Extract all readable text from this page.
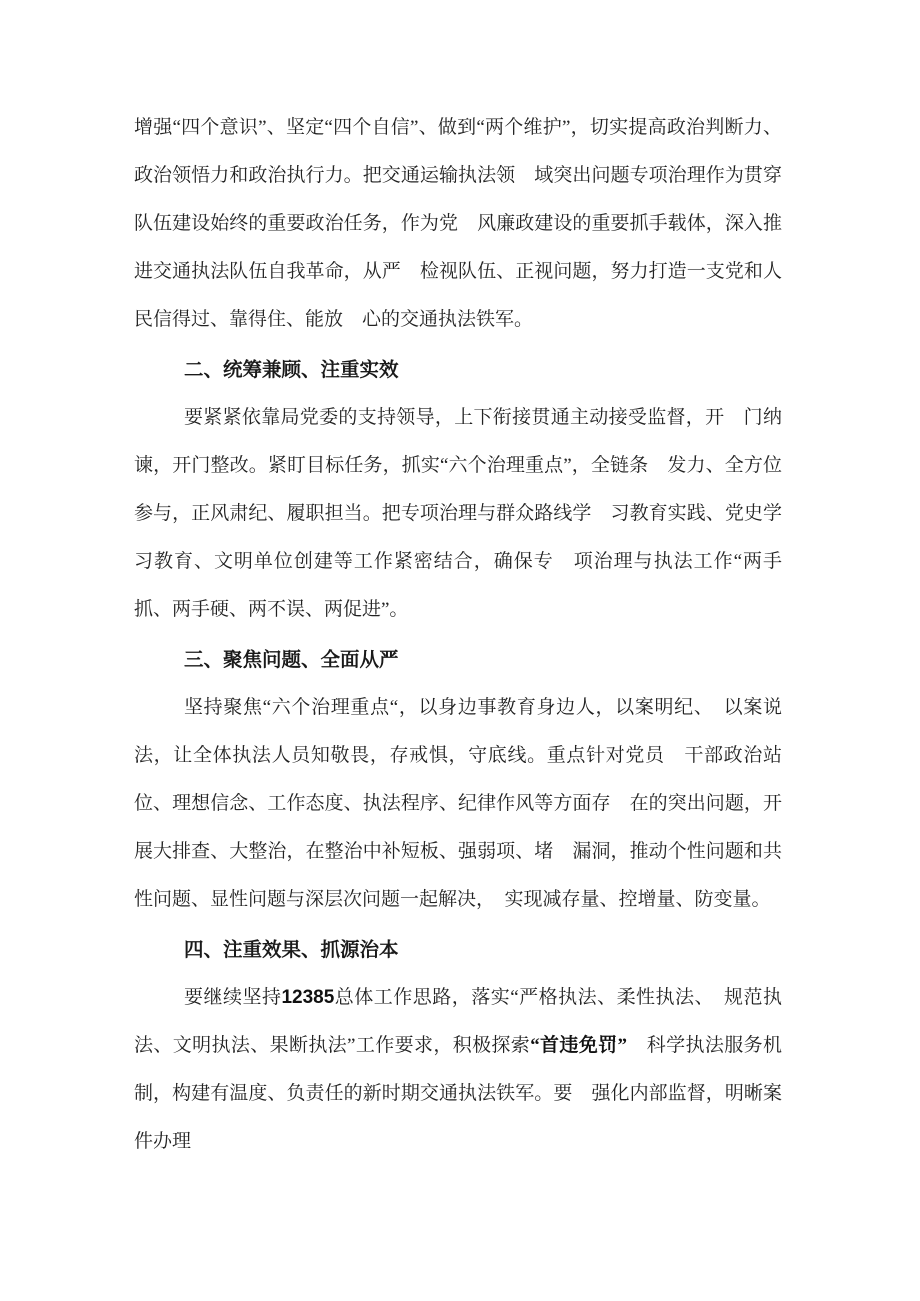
增强“四个意识”、坚定“四个自信”、做到“两个维护”，切实提高政治判断力、政治领悟力和政治执行力。把交通运输执法领　域突出问题专项治理作为贯穿队伍建设始终的重要政治任务，作为党　风廉政建设的重要抓手载体，深入推进交通执法队伍自我革命，从严　检视队伍、正视问题，努力打造一支党和人民信得过、靠得住、能放　心的交通执法铁军。

二、统筹兼顾、注重实效

要紧紧依靠局党委的支持领导，上下衔接贯通主动接受监督，开　门纳谏，开门整改。紧盯目标任务，抓实“六个治理重点”，全链条　发力、全方位参与，正风肃纪、履职担当。把专项治理与群众路线学　习教育实践、党史学习教育、文明单位创建等工作紧密结合，确保专　项治理与执法工作“两手抓、两手硬、两不误、两促进”。

三、聚焦问题、全面从严

坚持聚焦“六个治理重点“，以身边事教育身边人，以案明纪、　以案说法，让全体执法人员知敬畏，存戒惧，守底线。重点针对党员　干部政治站位、理想信念、工作态度、执法程序、纪律作风等方面存　在的突出问题，开展大排查、大整治，在整治中补短板、强弱项、堵　漏洞，推动个性问题和共性问题、显性问题与深层次问题一起解决，　实现减存量、控增量、防变量。

四、注重效果、抓源治本

要继续坚持12385总体工作思路，落实“严格执法、柔性执法、　规范执法、文明执法、果断执法”工作要求，积极探索“首违免罚”　科学执法服务机制，构建有温度、负责任的新时期交通执法铁军。要　强化内部监督，明晰案件办理
